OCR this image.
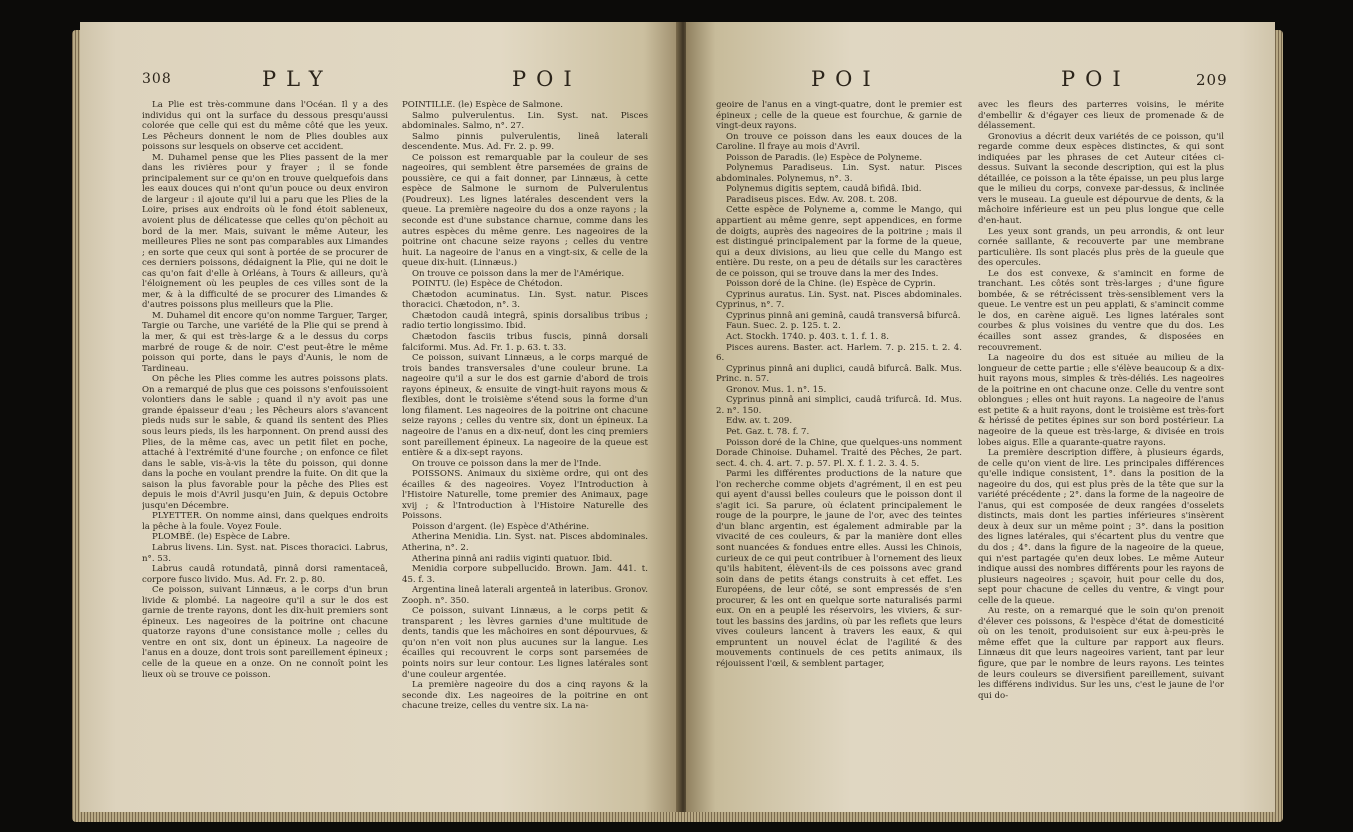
308	PLY	POI

La Plie est très-commune dans l'Océan. Il y a des individus qui ont la surface du dessous presqu'aussi colorée que celle qui est du même côté que les yeux. Les Pêcheurs donnent le nom de Plies doubles aux poissons sur lesquels on observe cet accident.

M. Duhamel pense que les Plies passent de la mer dans les rivières pour y frayer ; il se fonde principalement sur ce qu'on en trouve quelquefois dans les eaux douces qui n'ont qu'un pouce ou deux environ de largeur : il ajoute qu'il lui a paru que les Plies de la Loire, prises aux endroits où le fond étoit sableneux, avoient plus de délicatesse que celles qu'on pêchoit au bord de la mer. Mais, suivant le même Auteur, les meilleures Plies ne sont pas comparables aux Limandes ; en sorte que ceux qui sont à portée de se procurer de ces derniers poissons, dédaignent la Plie, qui ne doit le cas qu'on fait d'elle à Orléans, à Tours & ailleurs, qu'à l'éloignement où les peuples de ces villes sont de la mer, & à la difficulté de se procurer des Limandes & d'autres poissons plus meilleurs que la Plie.

M. Duhamel dit encore qu'on nomme Targuer, Targer, Targie ou Tarche, une variété de la Plie qui se prend à la mer, & qui est très-large & a le dessus du corps marbré de rouge & de noir. C'est peut-être le même poisson qui porte, dans le pays d'Aunis, le nom de Tardineau.

On pêche les Plies comme les autres poissons plats. On a remarqué de plus que ces poissons s'enfouissoient volontiers dans le sable ; quand il n'y avoit pas une grande épaisseur d'eau ; les Pêcheurs alors s'avancent pieds nuds sur le sable, & quand ils sentent des Plies sous leurs pieds, ils les harponnent. On prend aussi des Plies, de la même cas, avec un petit filet en poche, attaché à l'extrémité d'une fourche ; on enfonce ce filet dans le sable, vis-à-vis la tête du poisson, qui donne dans la poche en voulant prendre la fuite. On dit que la saison la plus favorable pour la pêche des Plies est depuis le mois d'Avril jusqu'en Juin, & depuis Octobre jusqu'en Décembre.

PLYETTER. On nomme ainsi, dans quelques endroits la pêche à la foule. Voyez Foule.

PLOMBÉ. (le) Espèce de Labre.

Labrus livens. Lin. Syst. nat. Pisces thoracici. Labrus, n°. 53.

Labrus caudâ rotundatâ, pinnâ dorsi ramentaceâ, corpore fusco livido. Mus. Ad. Fr. 2. p. 80.

Ce poisson, suivant Linnæus, a le corps d'un brun livide & plombé. La nageoire qu'il a sur le dos est garnie de trente rayons, dont les dix-huit premiers sont épineux. Les nageoires de la poitrine ont chacune quatorze rayons d'une consistance molle ; celles du ventre en ont six, dont un épineux. La nageoire de l'anus en a douze, dont trois sont pareillement épineux ; celle de la queue en a onze. On ne connoît point les lieux où se trouve ce poisson.

POINTILLÉ. (le) Espèce de Salmone.

Salmo pulverulentus. Lin. Syst. nat. Pisces abdominales. Salmo, n°. 27.

Salmo pinnis pulverulentis, lineâ laterali descendente. Mus. Ad. Fr. 2. p. 99.

Ce poisson est remarquable par la couleur de ses nageoires, qui semblent être parsemées de grains de poussière, ce qui a fait donner, par Linnæus, à cette espèce de Salmone le surnom de Pulverulentus (Poudreux). Les lignes latérales descendent vers la queue. La première nageoire du dos a onze rayons ; la seconde est d'une substance charnue, comme dans les autres espèces du même genre. Les nageoires de la poitrine ont chacune seize rayons ; celles du ventre huit. La nageoire de l'anus en a vingt-six, & celle de la queue dix-huit. (Linnæus.)

On trouve ce poisson dans la mer de l'Amérique.

POINTU. (le) Espèce de Chétodon.

Chætodon acuminatus. Lin. Syst. natur. Pisces thoracici. Chætodon, n°. 3.

Chætodon caudâ integrâ, spinis dorsalibus tribus ; radio tertio longissimo. Ibid.

Chætodon fasciis tribus fuscis, pinnâ dorsali falciformi. Mus. Ad. Fr. 1. p. 63. t. 33.

Ce poisson, suivant Linnæus, a le corps marqué de trois bandes transversales d'une couleur brune. La nageoire qu'il a sur le dos est garnie d'abord de trois rayons épineux, & ensuite de vingt-huit rayons mous & flexibles, dont le troisième s'étend sous la forme d'un long filament. Les nageoires de la poitrine ont chacune seize rayons ; celles du ventre six, dont un épineux. La nageoire de l'anus en a dix-neuf, dont les cinq premiers sont pareillement épineux. La nageoire de la queue est entière & a dix-sept rayons.

On trouve ce poisson dans la mer de l'Inde.

POISSONS. Animaux du sixième ordre, qui ont des écailles & des nageoires. Voyez l'Introduction à l'Histoire Naturelle, tome premier des Animaux, page xvij ; & l'Introduction à l'Histoire Naturelle des Poissons.

Poisson d'argent. (le) Espèce d'Athérine.

Atherina Menidia. Lin. Syst. nat. Pisces abdominales. Atherina, n°. 2.

Atherina pinnâ ani radiis viginti quatuor. Ibid.

Menidia corpore subpellucido. Brown. Jam. 441. t. 45. f. 3.

Argentina lineâ laterali argenteâ in lateribus. Gronov. Zooph. n°. 350.

Ce poisson, suivant Linnæus, a le corps petit & transparent ; les lèvres garnies d'une multitude de dents, tandis que les mâchoires en sont dépourvues, & qu'on n'en voit non plus aucunes sur la langue. Les écailles qui recouvrent le corps sont parsemées de points noirs sur leur contour. Les lignes latérales sont d'une couleur argentée.

La première nageoire du dos a cinq rayons & la seconde dix. Les nageoires de la poitrine en ont chacune treize, celles du ventre six. La na-

POI	POI	209

geoire de l'anus en a vingt-quatre, dont le premier est épineux ; celle de la queue est fourchue, & garnie de vingt-deux rayons.

On trouve ce poisson dans les eaux douces de la Caroline. Il fraye au mois d'Avril.

Poisson de Paradis. (le) Espèce de Polyneme.

Polynemus Paradiseus. Lin. Syst. natur. Pisces abdominales. Polynemus, n°. 3.

Polynemus digitis septem, caudâ bifidâ. Ibid.

Paradiseus pisces. Edw. Av. 208. t. 208.

Cette espèce de Polyneme a, comme le Mango, qui appartient au même genre, sept appendices, en forme de doigts, auprès des nageoires de la poitrine ; mais il est distingué principalement par la forme de la queue, qui a deux divisions, au lieu que celle du Mango est entière. Du reste, on a peu de détails sur les caractères de ce poisson, qui se trouve dans la mer des Indes.

Poisson doré de la Chine. (le) Espèce de Cyprin.

Cyprinus auratus. Lin. Syst. nat. Pisces abdominales. Cyprinus, n°. 7.

Cyprinus pinnâ ani geminâ, caudâ transversâ bifurcâ.

Faun. Suec. 2. p. 125. t. 2.

Act. Stockh. 1740. p. 403. t. 1. f. 1. 8.

Pisces aurens. Baster. act. Harlem. 7. p. 215. t. 2. 4. 6.

Cyprinus pinnâ ani duplici, caudâ bifurcâ. Balk. Mus. Princ. n. 57.

Gronov. Mus. 1. n°. 15.

Cyprinus pinnâ ani simplici, caudâ trifurcâ. Id. Mus. 2. n°. 150.

Edw. av. t. 209.

Pet. Gaz. t. 78. f. 7.

Poisson doré de la Chine, que quelques-uns nomment Dorade Chinoise. Duhamel. Traité des Pêches, 2e part. sect. 4. ch. 4. art. 7. p. 57. Pl. X. f. 1. 2. 3. 4. 5.

Parmi les différentes productions de la nature que l'on recherche comme objets d'agrément, il en est peu qui ayent d'aussi belles couleurs que le poisson dont il s'agit ici. Sa parure, où éclatent principalement le rouge de la pourpre, le jaune de l'or, avec des teintes d'un blanc argentin, est également admirable par la vivacité de ces couleurs, & par la manière dont elles sont nuancées & fondues entre elles. Aussi les Chinois, curieux de ce qui peut contribuer à l'ornement des lieux qu'ils habitent, élèvent-ils de ces poissons avec grand soin dans de petits étangs construits à cet effet. Les Européens, de leur côté, se sont empressés de s'en procurer, & les ont en quelque sorte naturalisés parmi eux. On en a peuplé les réservoirs, les viviers, & sur-tout les bassins des jardins, où par les reflets que leurs vives couleurs lancent à travers les eaux, & qui empruntent un nouvel éclat de l'agilité & des mouvements continuels de ces petits animaux, ils réjouissent l'œil, & semblent partager,

avec les fleurs des parterres voisins, le mérite d'embellir & d'égayer ces lieux de promenade & de délassement.

Gronovius a décrit deux variétés de ce poisson, qu'il regarde comme deux espèces distinctes, & qui sont indiquées par les phrases de cet Auteur citées ci-dessus. Suivant la seconde description, qui est la plus détaillée, ce poisson a la tête épaisse, un peu plus large que le milieu du corps, convexe par-dessus, & inclinée vers le museau. La gueule est dépourvue de dents, & la mâchoire inférieure est un peu plus longue que celle d'en-haut.

Les yeux sont grands, un peu arrondis, & ont leur cornée saillante, & recouverte par une membrane particulière. Ils sont placés plus près de la gueule que des opercules.

Le dos est convexe, & s'amincit en forme de tranchant. Les côtés sont très-larges ; d'une figure bombée, & se rétrécissent très-sensiblement vers la queue. Le ventre est un peu applati, & s'amincit comme le dos, en carène aiguë. Les lignes latérales sont courbes & plus voisines du ventre que du dos. Les écailles sont assez grandes, & disposées en recouvrement.

La nageoire du dos est située au milieu de la longueur de cette partie ; elle s'élève beaucoup & a dix-huit rayons mous, simples & très-déliés. Les nageoires de la poitrine en ont chacune onze. Celle du ventre sont oblongues ; elles ont huit rayons. La nageoire de l'anus est petite & a huit rayons, dont le troisième est très-fort & hérissé de petites épines sur son bord postérieur. La nageoire de la queue est très-large, & divisée en trois lobes aigus. Elle a quarante-quatre rayons.

La première description diffère, à plusieurs égards, de celle qu'on vient de lire. Les principales différences qu'elle indique consistent, 1°. dans la position de la nageoire du dos, qui est plus près de la tête que sur la variété précédente ; 2°. dans la forme de la nageoire de l'anus, qui est composée de deux rangées d'osselets distincts, mais dont les parties inférieures s'insèrent deux à deux sur un même point ; 3°. dans la position des lignes latérales, qui s'écartent plus du ventre que du dos ; 4°. dans la figure de la nageoire de la queue, qui n'est partagée qu'en deux lobes. Le même Auteur indique aussi des nombres différents pour les rayons de plusieurs nageoires ; sçavoir, huit pour celle du dos, sept pour chacune de celles du ventre, & vingt pour celle de la queue.

Au reste, on a remarqué que le soin qu'on prenoit d'élever ces poissons, & l'espèce d'état de domesticité où on les tenoit, produisoient sur eux à-peu-près le même effet que la culture par rapport aux fleurs. Linnæus dit que leurs nageoires varient, tant par leur figure, que par le nombre de leurs rayons. Les teintes de leurs couleurs se diversifient pareillement, suivant les différens individus. Sur les uns, c'est le jaune de l'or qui do-
